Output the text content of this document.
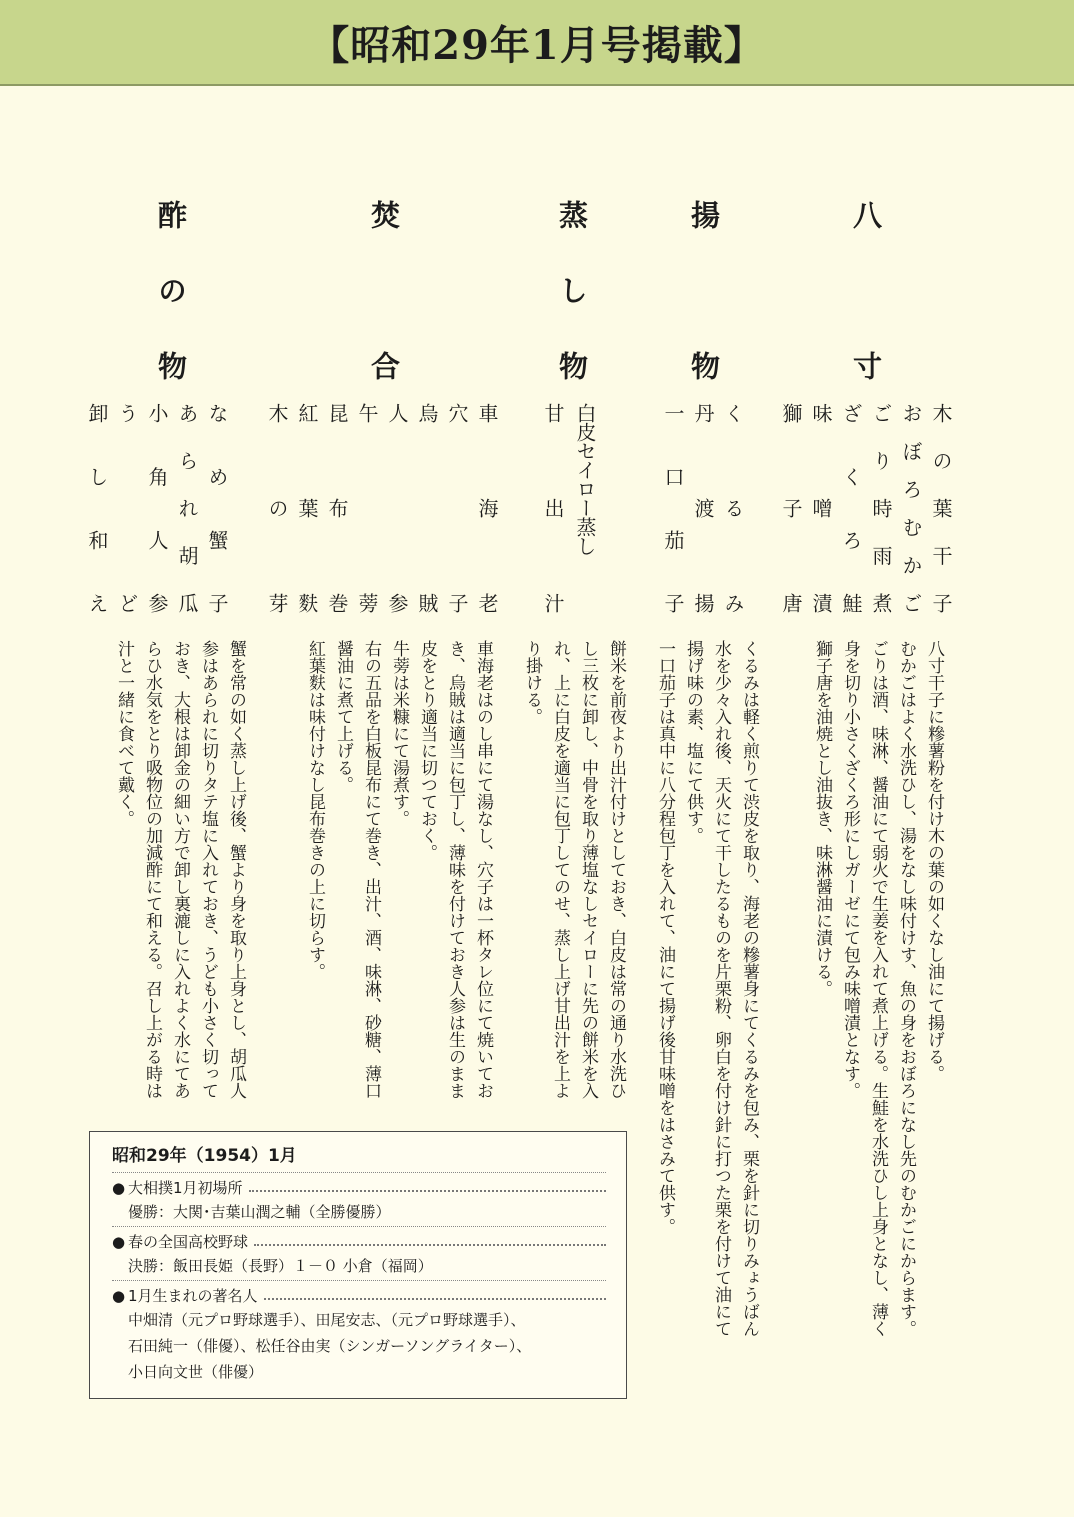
【昭和29年1月号掲載】
八寸
揚物
蒸し物
焚合
酢の物
木の葉干子
おぼろむかご
ごり時雨煮
ざくろ鮭
味噌漬
獅子唐
くるみ
丹渡揚
一口茄子
白皮セイロー蒸し
甘出汁
車海老
穴子
烏賊
人参
午蒡
昆布巻
紅葉麩
木の芽
なめ蟹子
あられ胡瓜
小角人参
うど
卸し和え

八寸干子に糝薯粉を付け木の葉の如くなし油にて揚げる。

むかごはよく水洗ひし、湯をなし味付けす、魚の身をおぼろになし先のむかごにからます。

ごりは酒、味淋、醤油にて弱火で生姜を入れて煮上げる。生鮭を水洗ひし上身となし、薄く身を切り小さくざくろ形にしガーゼにて包み味噌漬となす。

獅子唐を油焼とし油抜き、味淋醤油に漬ける。

くるみは軽く煎りて渋皮を取り、海老の糝薯身にてくるみを包み、栗を針に切りみょうばん水を少々入れ後、天火にて干したるものを片栗粉、卵白を付け針に打つた栗を付けて油にて揚げ味の素、塩にて供す。

一口茄子は真中に八分程包丁を入れて、油にて揚げ後甘味噌をはさみて供す。

餅米を前夜より出汁付けとしておき、白皮は常の通り水洗ひし三枚に卸し、中骨を取り薄塩なしセイローに先の餅米を入れ、上に白皮を適当に包丁してのせ、蒸し上げ甘出汁を上より掛ける。

車海老はのし串にて湯なし、穴子は一杯タレ位にて焼いておき、烏賊は適当に包丁し、薄味を付けておき人参は生のまま皮をとり適当に切つておく。

牛蒡は米糠にて湯煮す。

右の五品を白板昆布にて巻き、出汁、酒、味淋、砂糖、薄口醤油に煮て上げる。

紅葉麩は味付けなし昆布巻きの上に切らす。

蟹を常の如く蒸し上げ後、蟹より身を取り上身とし、胡瓜人参はあられに切りタテ塩に入れておき、うども小さく切っておき、大根は卸金の細い方で卸し裏漉しに入れよく水にてあらひ水気をとり吸物位の加減酢にて和える。召し上がる時は汁と一緒に食べて戴く。

昭和29年（1954）1月
● 大相撲1月初場所
優勝：大関･吉葉山潤之輔（全勝優勝）
● 春の全国高校野球
決勝：飯田長姫（長野）１－０ 小倉（福岡）
● 1月生まれの著名人
中畑清（元プロ野球選手）、田尾安志、（元プロ野球選手）、
石田純一（俳優）、松任谷由実（シンガーソングライター）、
小日向文世（俳優）
